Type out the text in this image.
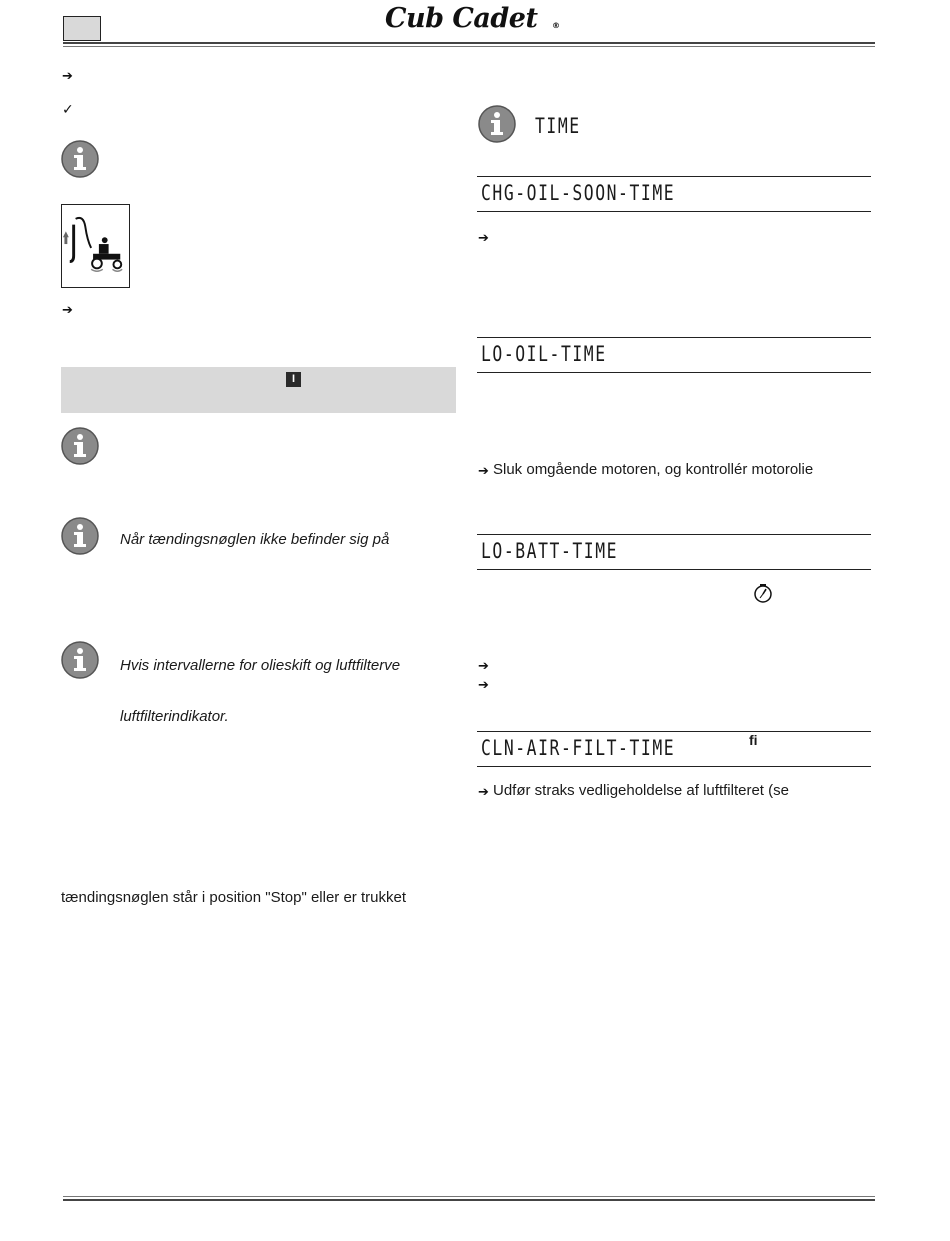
Cub Cadet ®
➔
✓
➔
I
Når tændingsnøglen ikke befinder sig på
Hvis intervallerne for olieskift og luftfilterve
luftfilterindikator.
tændingsnøglen står i position "Stop" eller er trukket
TIME
CHG-OIL-SOON-TIME
➔
LO-OIL-TIME
➔ Sluk omgående motoren, og kontrollér motorolie
LO-BATT-TIME
➔
➔
CLN-AIR-FILT-TIME	fi
➔ Udfør straks vedligeholdelse af luftfilteret (se
